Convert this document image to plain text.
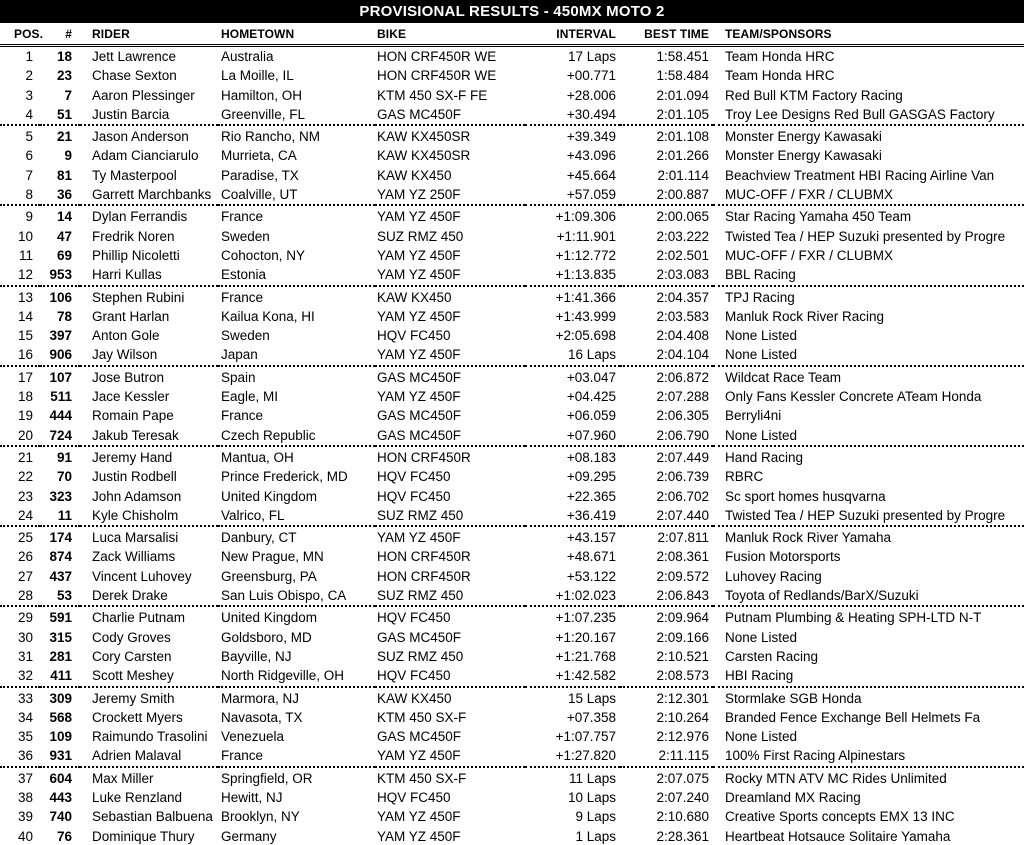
PROVISIONAL RESULTS - 450MX MOTO 2
POS.	#	RIDER	HOMETOWN	BIKE	INTERVAL	BEST TIME	TEAM/SPONSORS
1	18	Jett Lawrence	Australia	HON CRF450R WE	17 Laps	1:58.451	Team Honda HRC
2	23	Chase Sexton	La Moille, IL	HON CRF450R WE	+00.771	1:58.484	Team Honda HRC
3	7	Aaron Plessinger	Hamilton, OH	KTM 450 SX-F FE	+28.006	2:01.094	Red Bull KTM Factory Racing
4	51	Justin Barcia	Greenville, FL	GAS MC450F	+30.494	2:01.105	Troy Lee Designs Red Bull GASGAS Factory
5	21	Jason Anderson	Rio Rancho, NM	KAW KX450SR	+39.349	2:01.108	Monster Energy Kawasaki
6	9	Adam Cianciarulo	Murrieta, CA	KAW KX450SR	+43.096	2:01.266	Monster Energy Kawasaki
7	81	Ty Masterpool	Paradise, TX	KAW KX450	+45.664	2:01.114	Beachview Treatment HBI Racing Airline Van
8	36	Garrett Marchbanks	Coalville, UT	YAM YZ 250F	+57.059	2:00.887	MUC-OFF / FXR / CLUBMX
9	14	Dylan Ferrandis	France	YAM YZ 450F	+1:09.306	2:00.065	Star Racing Yamaha 450 Team
10	47	Fredrik Noren	Sweden	SUZ RMZ 450	+1:11.901	2:03.222	Twisted Tea / HEP Suzuki presented by Progre
11	69	Phillip Nicoletti	Cohocton, NY	YAM YZ 450F	+1:12.772	2:02.501	MUC-OFF / FXR / CLUBMX
12	953	Harri Kullas	Estonia	YAM YZ 450F	+1:13.835	2:03.083	BBL Racing
13	106	Stephen Rubini	France	KAW KX450	+1:41.366	2:04.357	TPJ Racing
14	78	Grant Harlan	Kailua Kona, HI	YAM YZ 450F	+1:43.999	2:03.583	Manluk Rock River Racing
15	397	Anton Gole	Sweden	HQV FC450	+2:05.698	2:04.408	None Listed
16	906	Jay Wilson	Japan	YAM YZ 450F	16 Laps	2:04.104	None Listed
17	107	Jose Butron	Spain	GAS MC450F	+03.047	2:06.872	Wildcat Race Team
18	511	Jace Kessler	Eagle, MI	YAM YZ 450F	+04.425	2:07.288	Only Fans Kessler Concrete ATeam Honda
19	444	Romain Pape	France	GAS MC450F	+06.059	2:06.305	Berryli4ni
20	724	Jakub Teresak	Czech Republic	GAS MC450F	+07.960	2:06.790	None Listed
21	91	Jeremy Hand	Mantua, OH	HON CRF450R	+08.183	2:07.449	Hand Racing
22	70	Justin Rodbell	Prince Frederick, MD	HQV FC450	+09.295	2:06.739	RBRC
23	323	John Adamson	United Kingdom	HQV FC450	+22.365	2:06.702	Sc sport homes husqvarna
24	11	Kyle Chisholm	Valrico, FL	SUZ RMZ 450	+36.419	2:07.440	Twisted Tea / HEP Suzuki presented by Progre
25	174	Luca Marsalisi	Danbury, CT	YAM YZ 450F	+43.157	2:07.811	Manluk Rock River Yamaha
26	874	Zack Williams	New Prague, MN	HON CRF450R	+48.671	2:08.361	Fusion Motorsports
27	437	Vincent Luhovey	Greensburg, PA	HON CRF450R	+53.122	2:09.572	Luhovey Racing
28	53	Derek Drake	San Luis Obispo, CA	SUZ RMZ 450	+1:02.023	2:06.843	Toyota of Redlands/BarX/Suzuki
29	591	Charlie Putnam	United Kingdom	HQV FC450	+1:07.235	2:09.964	Putnam Plumbing & Heating SPH-LTD N-T
30	315	Cody Groves	Goldsboro, MD	GAS MC450F	+1:20.167	2:09.166	None Listed
31	281	Cory Carsten	Bayville, NJ	SUZ RMZ 450	+1:21.768	2:10.521	Carsten Racing
32	411	Scott Meshey	North Ridgeville, OH	HQV FC450	+1:42.582	2:08.573	HBI Racing
33	309	Jeremy Smith	Marmora, NJ	KAW KX450	15 Laps	2:12.301	Stormlake SGB Honda
34	568	Crockett Myers	Navasota, TX	KTM 450 SX-F	+07.358	2:10.264	Branded Fence Exchange Bell Helmets Fa
35	109	Raimundo Trasolini	Venezuela	GAS MC450F	+1:07.757	2:12.976	None Listed
36	931	Adrien Malaval	France	YAM YZ 450F	+1:27.820	2:11.115	100% First Racing Alpinestars
37	604	Max Miller	Springfield, OR	KTM 450 SX-F	11 Laps	2:07.075	Rocky MTN ATV MC Rides Unlimited
38	443	Luke Renzland	Hewitt, NJ	HQV FC450	10 Laps	2:07.240	Dreamland MX Racing
39	740	Sebastian Balbuena	Brooklyn, NY	YAM YZ 450F	9 Laps	2:10.680	Creative Sports concepts EMX 13 INC
40	76	Dominique Thury	Germany	YAM YZ 450F	1 Laps	2:28.361	Heartbeat Hotsauce Solitaire Yamaha
